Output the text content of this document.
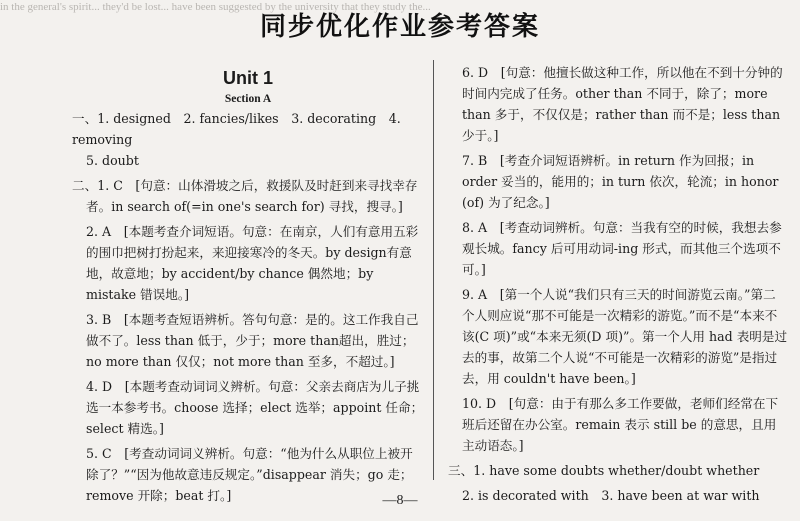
in the general's spirit... they'd be lost... have been suggested by the university that they study the...
同步优化作业参考答案
Unit 1
Section A

一、1. designed　2. fancies/likes　3. decorating　4. removing

5. doubt

二、1. C　[句意：山体滑坡之后，救援队及时赶到来寻找幸存者。in search of(=in one's search for) 寻找，搜寻。]

2. A　[本题考查介词短语。句意：在南京，人们有意用五彩的围巾把树打扮起来，来迎接寒冷的冬天。by design有意地，故意地；by accident/by chance 偶然地；by mistake 错误地。]

3. B　[本题考查短语辨析。答句句意：是的。这工作我自己做不了。less than 低于，少于；more than超出，胜过；no more than 仅仅；not more than 至多，不超过。]

4. D　[本题考查动词词义辨析。句意：父亲去商店为儿子挑选一本参考书。choose 选择；elect 选举；appoint 任命；select 精选。]

5. C　[考查动词词义辨析。句意：“他为什么从职位上被开除了？”“因为他故意违反规定。”disappear 消失；go 走；remove 开除；beat 打。]

6. D　[句意：他擅长做这种工作，所以他在不到十分钟的时间内完成了任务。other than 不同于，除了；more than 多于，不仅仅是；rather than 而不是；less than 少于。]

7. B　[考查介词短语辨析。in return 作为回报；in order 妥当的，能用的；in turn 依次，轮流；in honor (of) 为了纪念。]

8. A　[考查动词辨析。句意：当我有空的时候，我想去参观长城。fancy 后可用动词-ing 形式，而其他三个选项不可。]

9. A　[第一个人说“我们只有三天的时间游览云南。”第二个人则应说“那不可能是一次精彩的游览。”而不是“本来不该(C 项)”或“本来无须(D 项)”。第一个人用 had 表明是过去的事，故第二个人说“不可能是一次精彩的游览”是指过去，用 couldn't have been。]

10. D　[句意：由于有那么多工作要做，老师们经常在下班后还留在办公室。remain 表示 still be 的意思，且用主动语态。]

三、1. have some doubts whether/doubt whether

2. is decorated with　3. have been at war with

—8—
